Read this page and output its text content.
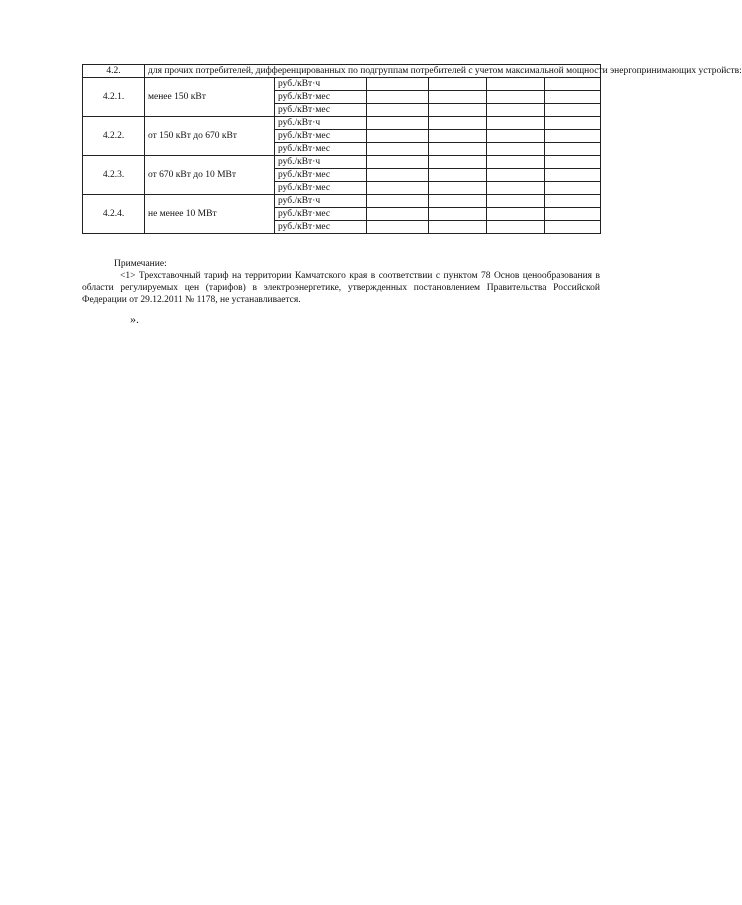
4.2.	для прочих потребителей, дифференцированных по подгруппам потребителей с учетом максимальной мощности энергопринимающих устройств:					
4.2.1.	менее 150 кВт	руб./кВт·ч				
		руб./кВт·мес				
		руб./кВт·мес				
4.2.2.	от 150 кВт до 670 кВт	руб./кВт·ч				
		руб./кВт·мес				
		руб./кВт·мес				
4.2.3.	от 670 кВт до 10 МВт	руб./кВт·ч				
		руб./кВт·мес				
		руб./кВт·мес				
4.2.4.	не менее 10 МВт	руб./кВт·ч				
		руб./кВт·мес				
		руб./кВт·мес				

Примечание:

<1> Трехставочный тариф на территории Камчатского края в соответствии с пунктом 78 Основ ценообразования в области регулируемых цен (тарифов) в электроэнергетике, утвержденных постановлением Правительства Российской Федерации от 29.12.2011 № 1178, не устанавливается.

».
